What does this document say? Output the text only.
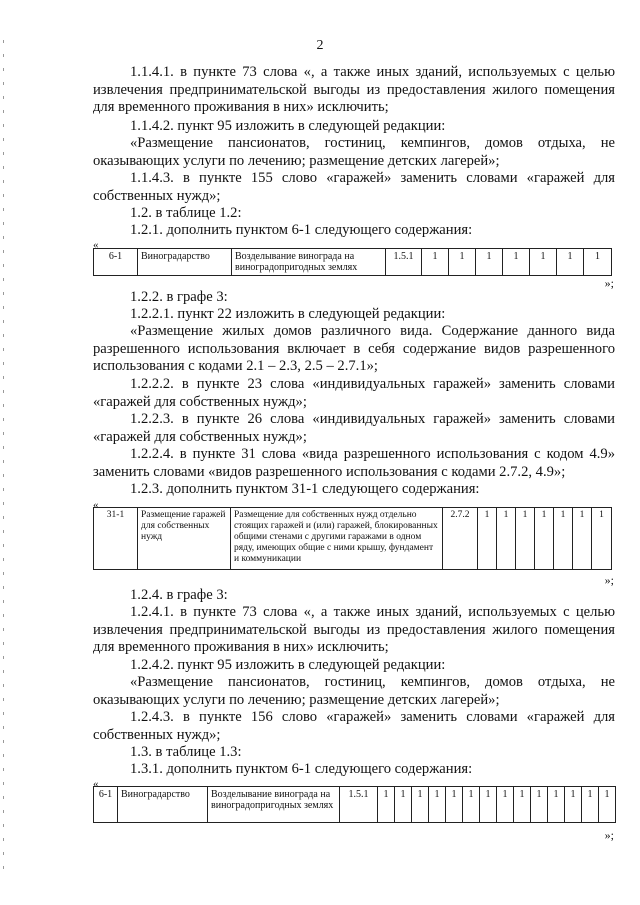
2
1.1.4.1. в пункте 73 слова «, а также иных зданий, используемых с целью извлечения предпринимательской выгоды из предоставления жилого помещения для временного проживания в них» исключить;
1.1.4.2. пункт 95 изложить в следующей редакции:
«Размещение пансионатов, гостиниц, кемпингов, домов отдыха, не оказывающих услуги по лечению; размещение детских лагерей»;
1.1.4.3. в пункте 155 слово «гаражей» заменить словами «гаражей для собственных нужд»;
1.2. в таблице 1.2:
1.2.1. дополнить пунктом 6-1 следующего содержания:
«
6-1	Виноградарство	Возделывание винограда на виноградопригодных землях	1.5.1	1	1	1	1	1	1	1
»;
1.2.2. в графе 3:
1.2.2.1. пункт 22 изложить в следующей редакции:
«Размещение жилых домов различного вида. Содержание данного вида разрешенного использования включает в себя содержание видов разрешенного использования с кодами 2.1 – 2.3, 2.5 – 2.7.1»;
1.2.2.2. в пункте 23 слова «индивидуальных гаражей» заменить словами «гаражей для собственных нужд»;
1.2.2.3. в пункте 26 слова «индивидуальных гаражей» заменить словами «гаражей для собственных нужд»;
1.2.2.4. в пункте 31 слова «вида разрешенного использования с кодом 4.9» заменить словами «видов разрешенного использования с кодами 2.7.2, 4.9»;
1.2.3. дополнить пунктом 31-1 следующего содержания:
«
31-1	Размещение гаражей для собственных нужд	Размещение для собственных нужд отдельно стоящих гаражей и (или) гаражей, блокированных общими стенами с другими гаражами в одном ряду, имеющих общие с ними крышу, фундамент и коммуникации	2.7.2	1	1	1	1	1	1	1
»;
1.2.4. в графе 3:
1.2.4.1. в пункте 73 слова «, а также иных зданий, используемых с целью извлечения предпринимательской выгоды из предоставления жилого помещения для временного проживания в них» исключить;
1.2.4.2. пункт 95 изложить в следующей редакции:
«Размещение пансионатов, гостиниц, кемпингов, домов отдыха, не оказывающих услуги по лечению; размещение детских лагерей»;
1.2.4.3. в пункте 156 слово «гаражей» заменить словами «гаражей для собственных нужд»;
1.3. в таблице 1.3:
1.3.1. дополнить пунктом 6-1 следующего содержания:
«
6-1	Виноградарство	Возделывание винограда на виноградопригодных землях	1.5.1	1	1	1	1	1	1	1	1	1	1	1	1	1	1
»;
